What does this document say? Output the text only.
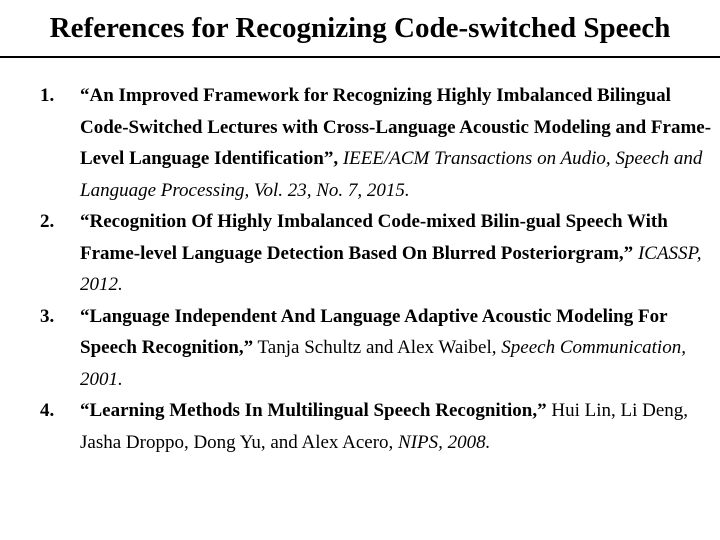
References for Recognizing Code-switched Speech
1. “An Improved Framework for Recognizing Highly Imbalanced Bilingual Code-Switched Lectures with Cross-Language Acoustic Modeling and Frame-Level Language Identification”, IEEE/ACM Transactions on Audio, Speech and Language Processing, Vol. 23, No. 7, 2015.
2. “Recognition Of Highly Imbalanced Code-mixed Bilin-gual Speech With Frame-level Language Detection Based On Blurred Posteriorgram,” ICASSP, 2012.
3. “Language Independent And Language Adaptive Acoustic Modeling For Speech Recognition,” Tanja Schultz and Alex Waibel, Speech Communication, 2001.
4. “Learning Methods In Multilingual Speech Recognition,” Hui Lin, Li Deng, Jasha Droppo, Dong Yu, and Alex Acero, NIPS, 2008.
